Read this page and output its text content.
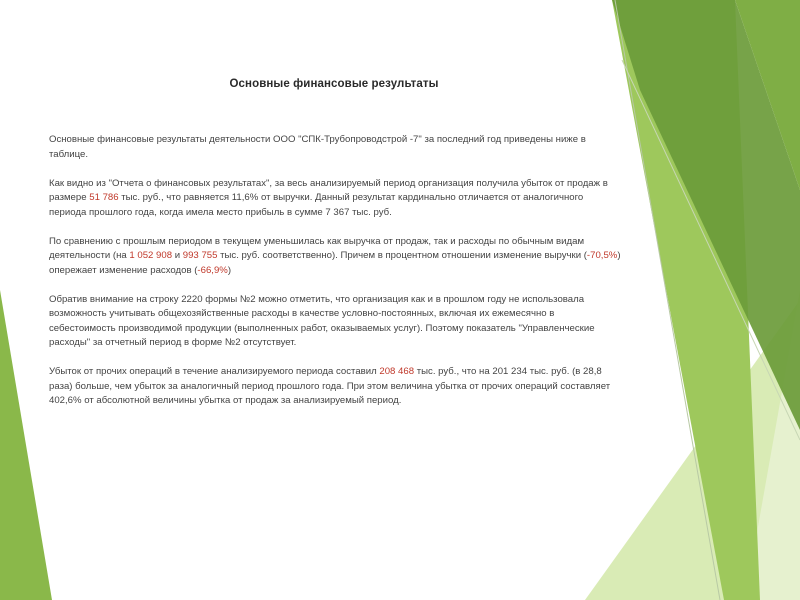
Основные финансовые результаты

Основные финансовые результаты деятельности ООО "СПК-Трубопроводстрой -7" за последний год приведены ниже в таблице.

Как видно из "Отчета о финансовых результатах", за весь анализируемый период организация получила убыток от продаж в размере 51 786 тыс. руб., что равняется 11,6% от выручки. Данный результат кардинально отличается от аналогичного периода прошлого года, когда имела место прибыль в сумме 7 367 тыс. руб.

По сравнению с прошлым периодом в текущем уменьшилась как выручка от продаж, так и расходы по обычным видам деятельности (на 1 052 908 и 993 755 тыс. руб. соответственно). Причем в процентном отношении изменение выручки (-70,5%) опережает изменение расходов (-66,9%)

Обратив внимание на строку 2220 формы №2 можно отметить, что организация как и в прошлом году не использовала возможность учитывать общехозяйственные расходы в качестве условно-постоянных, включая их ежемесячно в себестоимость производимой продукции (выполненных работ, оказываемых услуг). Поэтому показатель "Управленческие расходы" за отчетный период в форме №2 отсутствует.

Убыток от прочих операций в течение анализируемого периода составил 208 468 тыс. руб., что на 201 234 тыс. руб. (в 28,8 раза) больше, чем убыток за аналогичный период прошлого года. При этом величина убытка от прочих операций составляет 402,6% от абсолютной величины убытка от продаж за анализируемый период.
